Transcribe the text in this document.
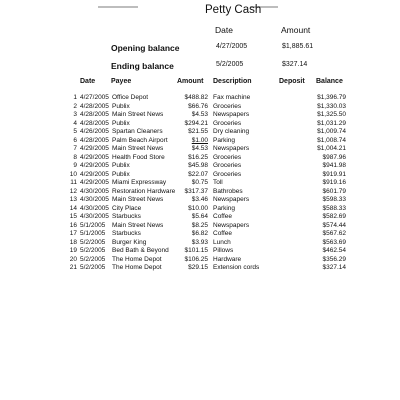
Petty Cash
Date	Amount
Opening balance	4/27/2005	$1,885.61
Ending balance	5/2/2005	$327.14
Date Payee	Amount Description	Deposit Balance
1 4/27/2005 Office Depot	$488.82 Fax machine	$1,396.79
2 4/28/2005 Publix	$66.76 Groceries	$1,330.03
3 4/28/2005 Main Street News	$4.53 Newspapers	$1,325.50
4 4/28/2005 Publix	$294.21 Groceries	$1,031.29
5 4/26/2005 Spartan Cleaners	$21.55 Dry cleaning	$1,009.74
6 4/28/2005 Palm Beach Airport	$1.00 Parking	$1,008.74
7 4/29/2005 Main Street News	$4.53 Newspapers	$1,004.21
8 4/29/2005 Health Food Store	$16.25 Groceries	$987.96
9 4/29/2005 Publix	$45.98 Groceries	$941.98
10 4/29/2005 Publix	$22.07 Groceries	$919.91
11 4/29/2005 Miami Expressway	$0.75 Toll	$919.16
12 4/30/2005 Restoration Hardware $317.37 Bathrobes	$601.79
13 4/30/2005 Main Street News	$3.46 Newspapers	$598.33
14 4/30/2005 City Place	$10.00 Parking	$588.33
15 4/30/2005 Starbucks	$5.64 Coffee	$582.69
16 5/1/2005 Main Street News	$8.25 Newspapers	$574.44
17 5/1/2005 Starbucks	$6.82 Coffee	$567.62
18 5/2/2005 Burger King	$3.93 Lunch	$563.69
19 5/2/2005 Bed Bath & Beyond $101.15 Pillows	$462.54
20 5/2/2005 The Home Depot	$106.25 Hardware	$356.29
21 5/2/2005 The Home Depot	$29.15 Extension cords	$327.14
